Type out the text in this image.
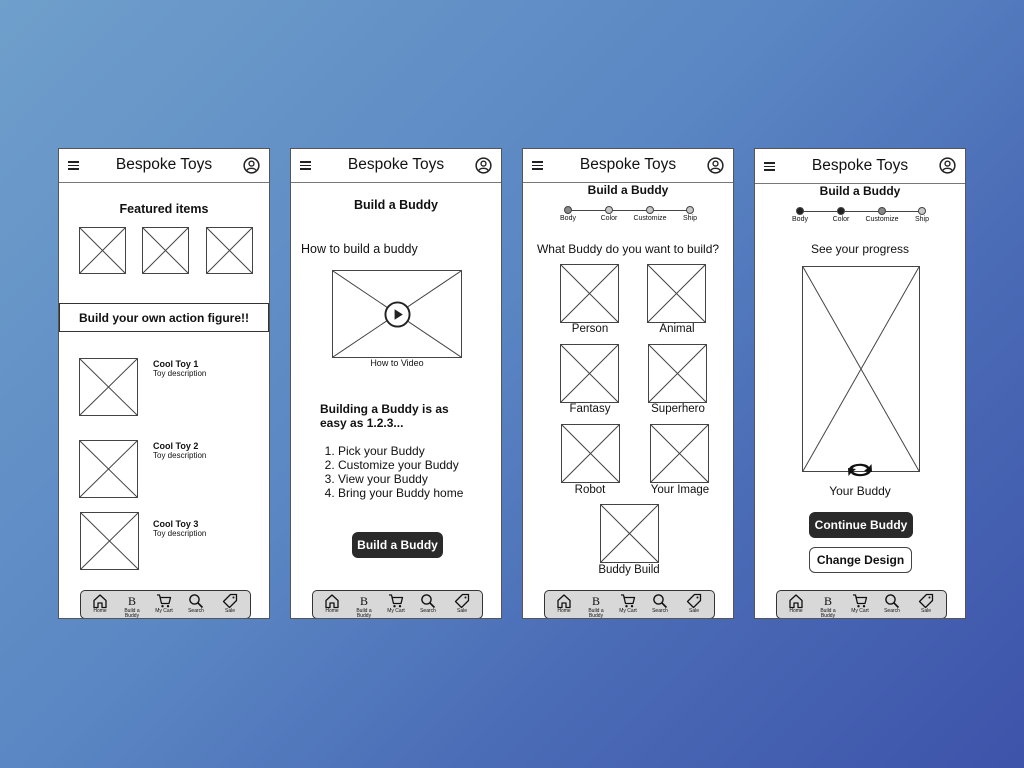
Bespoke Toys
Featured items
Build your own action figure!!
Cool Toy 1
Toy description
Cool Toy 2
Toy description
Cool Toy 3
Toy description
Home
B
Build a Buddy
My Cart	Search	Sale
Bespoke Toys
Build a Buddy
How to build a buddy
How to Video
Building a Buddy is as easy as 1.2.3...
1. Pick your Buddy
2. Customize your Buddy
3. View your Buddy
4. Bring your Buddy home
Build a Buddy
Home
B
Build a Buddy
My Cart	Search	Sale
Bespoke Toys
Build a Buddy
Body	Color	Customize	Ship
What Buddy do you want to build?
Person	Animal
Fantasy	Superhero
Robot	Your Image
Buddy Build
Home
B
Build a Buddy
My Cart	Search	Sale
Bespoke Toys
Build a Buddy
Body	Color	Customize	Ship
See your progress
Your Buddy
Continue Buddy
Change Design
Home
B
Build a Buddy
My Cart	Search	Sale
